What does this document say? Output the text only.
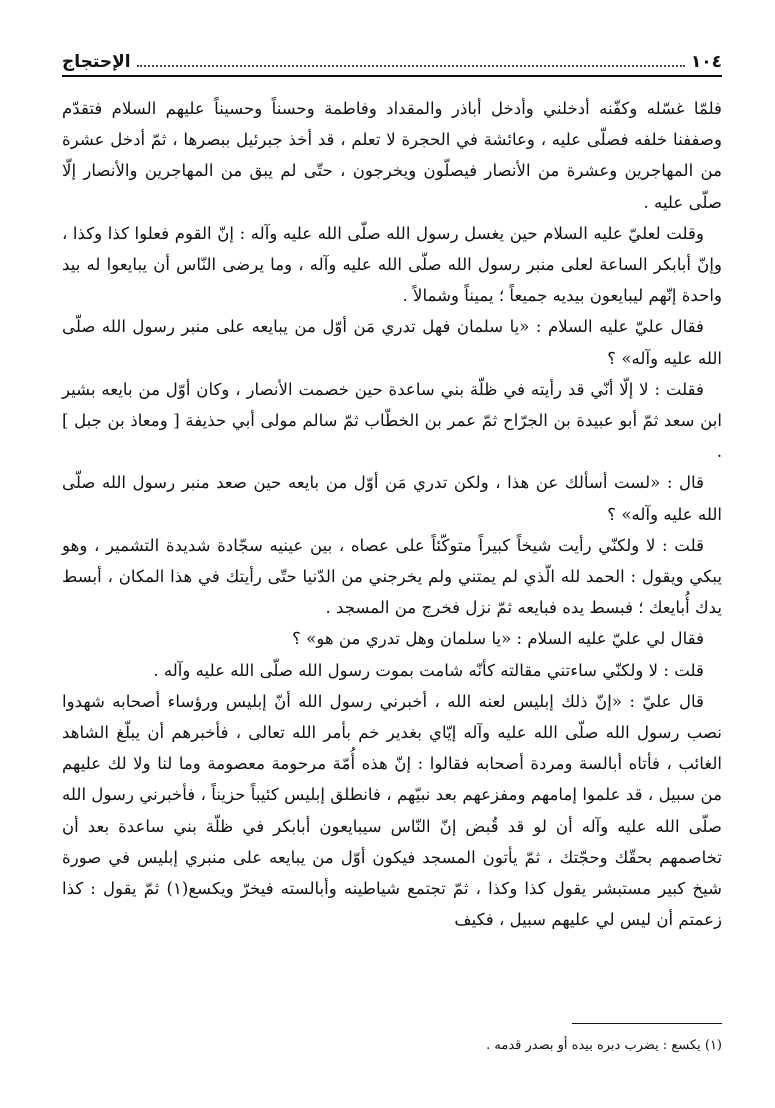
١٠٤
الإحتجاج

فلمّا غسّله وكفّنه أدخلني وأدخل أباذر والمقداد وفاطمة وحسناً وحسيناً عليهم السلام فتقدّم وصففنا خلفه فصلّى عليه ، وعائشة في الحجرة لا تعلم ، قد أخذ جبرئيل ببصرها ، ثمّ أدخل عشرة من المهاجرين وعشرة من الأنصار فيصلّون ويخرجون ، حتّى لم يبق من المهاجرين والأنصار إلّا صلّى عليه .

وقلت لعليّ عليه السلام حين يغسل رسول الله صلّى الله عليه وآله : إنّ القوم فعلوا كذا وكذا ، وإنّ أبابكر الساعة لعلى منبر رسول الله صلّى الله عليه وآله ، وما يرضى النّاس أن يبايعوا له بيد واحدة إنّهم ليبايعون بيديه جميعاً ؛ يميناً وشمالاً .

فقال عليّ عليه السلام : «يا سلمان فهل تدري مَن أوّل من يبايعه على منبر رسول الله صلّى الله عليه وآله» ؟

فقلت : لا إلّا أنّي قد رأيته في ظلّة بني ساعدة حين خصمت الأنصار ، وكان أوّل من بايعه بشير ابن سعد ثمّ أبو عبيدة بن الجرّاح ثمّ عمر بن الخطّاب ثمّ سالم مولى أبي حذيفة [ ومعاذ بن جبل ] .

قال : «لست أسألك عن هذا ، ولكن تدري مَن أوّل من بايعه حين صعد منبر رسول الله صلّى الله عليه وآله» ؟

قلت : لا ولكنّي رأيت شيخاً كبيراً متوكّئاً على عصاه ، بين عينيه سجّادة شديدة التشمير ، وهو يبكي ويقول : الحمد لله الّذي لم يمتني ولم يخرجني من الدّنيا حتّى رأيتك في هذا المكان ، أبسط يدك أُبايعك ؛ فبسط يده فبايعه ثمّ نزل فخرج من المسجد .

فقال لي عليّ عليه السلام : «يا سلمان وهل تدري من هو» ؟

قلت : لا ولكنّي ساءتني مقالته كأنّه شامت بموت رسول الله صلّى الله عليه وآله .

قال عليّ : «إنّ ذلك إبليس لعنه الله ، أخبرني رسول الله أنّ إبليس ورؤساء أصحابه شهدوا نصب رسول الله صلّى الله عليه وآله إيّاي بغدير خم بأمر الله تعالى ، فأخبرهم أن يبلّغ الشاهد الغائب ، فأتاه أبالسة ومردة أصحابه فقالوا : إنّ هذه أُمّة مرحومة معصومة وما لنا ولا لك عليهم من سبيل ، قد علموا إمامهم ومفزعهم بعد نبيّهم ، فانطلق إبليس كئيباً حزيناً ، فأخبرني رسول الله صلّى الله عليه وآله أن لو قد قُبض إنّ النّاس سيبايعون أبابكر في ظلّة بني ساعدة بعد أن تخاصمهم بحقّك وحجّتك ، ثمّ يأتون المسجد فيكون أوّل من يبايعه على منبري إبليس في صورة شيخ كبير مستبشر يقول كذا وكذا ، ثمّ تجتمع شياطينه وأبالسته فيخرّ ويكسع(١) ثمّ يقول : كذا زعمتم أن ليس لي عليهم سبيل ، فكيف

(١) يكسع : يضرب دبره بيده أو بصدر قدمه .
